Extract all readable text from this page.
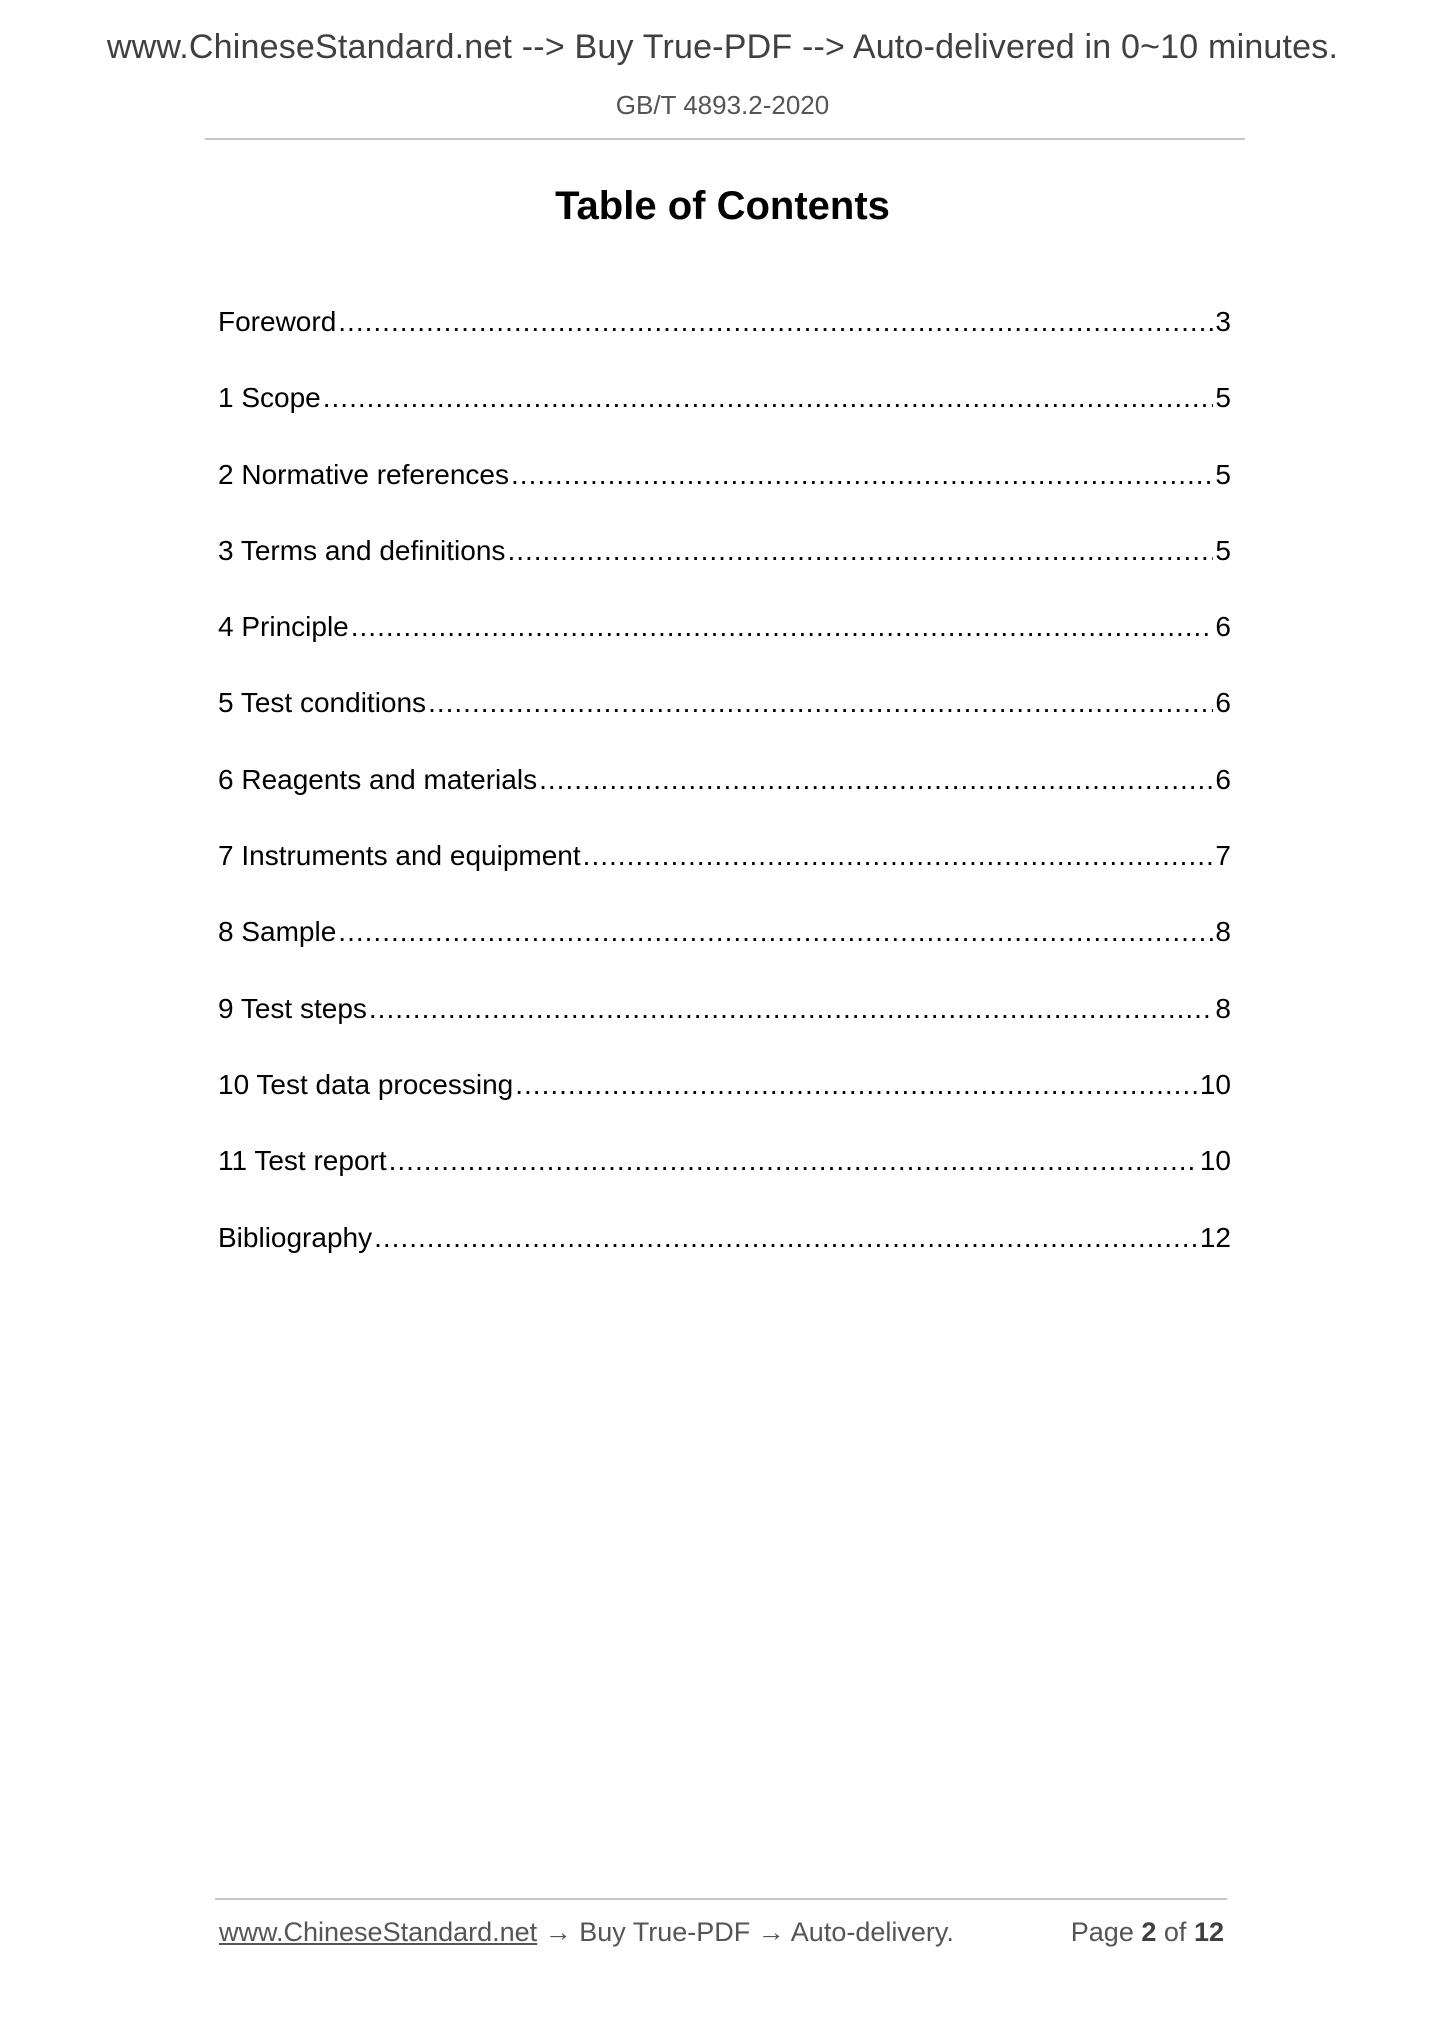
www.ChineseStandard.net --> Buy True-PDF --> Auto-delivered in 0~10 minutes.
GB/T 4893.2-2020
Table of Contents
Foreword .....	3
1 Scope .....	5
2 Normative references .....	5
3 Terms and definitions .....	5
4 Principle .....	6
5 Test conditions .....	6
6 Reagents and materials .....	6
7 Instruments and equipment .....	7
8 Sample .....	8
9 Test steps .....	8
10 Test data processing .....	10
11 Test report .....	10
Bibliography .....	12
www.ChineseStandard.net → Buy True-PDF → Auto-delivery.	Page 2 of 12
